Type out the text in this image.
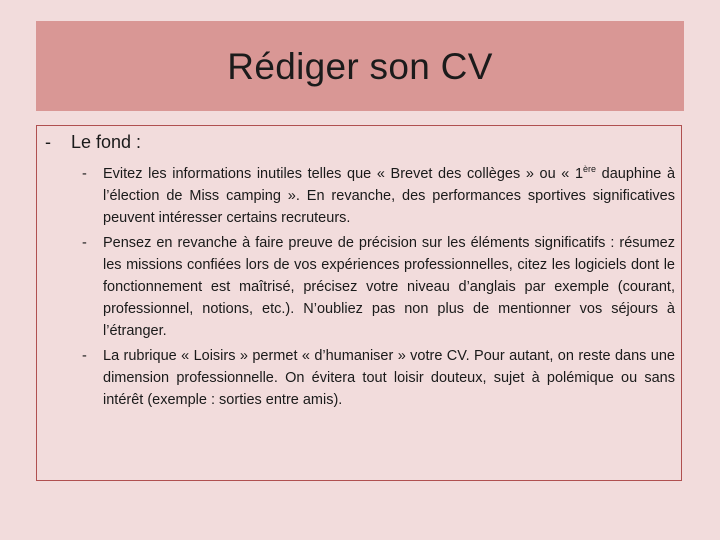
Rédiger son CV
-	Le fond :
-	Evitez les informations inutiles telles que « Brevet des collèges » ou « 1ère dauphine à l’élection de Miss camping ». En revanche, des performances sportives significatives peuvent intéresser certains recruteurs.
-	Pensez en revanche à faire preuve de précision sur les éléments significatifs : résumez les missions confiées lors de vos expériences professionnelles, citez les logiciels dont le fonctionnement est maîtrisé, précisez votre niveau d’anglais par exemple (courant, professionnel, notions, etc.). N’oubliez pas non plus de mentionner vos séjours à l’étranger.
-	La rubrique « Loisirs » permet « d’humaniser » votre CV. Pour autant, on reste dans une dimension professionnelle. On évitera tout loisir douteux, sujet à polémique ou sans intérêt (exemple : sorties entre amis).
